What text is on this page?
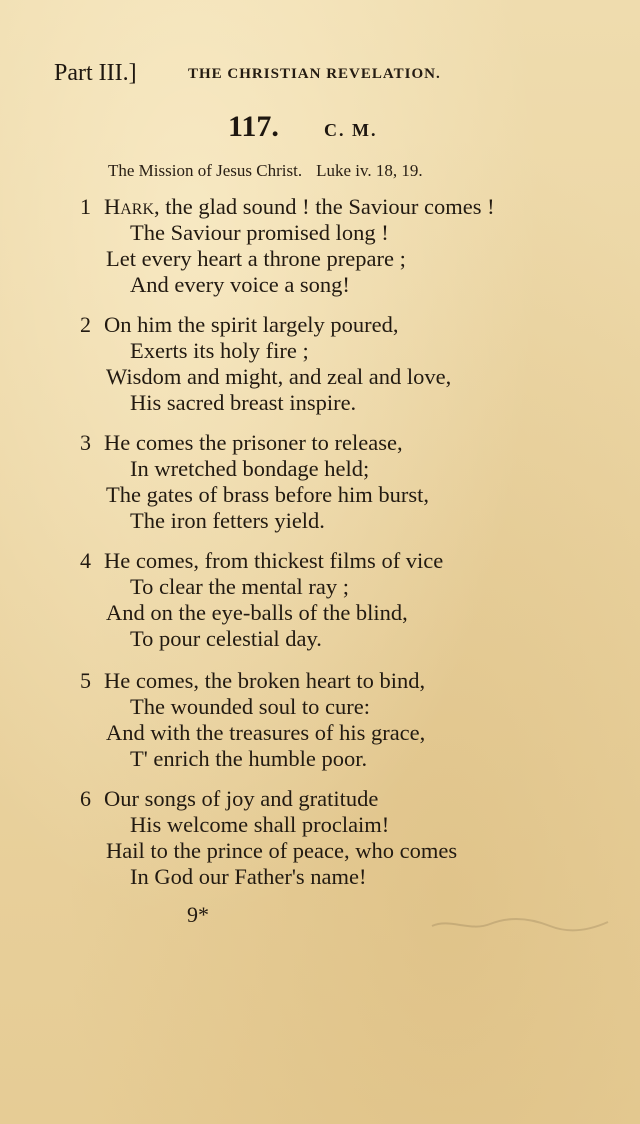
Part III.]	THE CHRISTIAN REVELATION.
117.	C. M.
The Mission of Jesus Christ. Luke iv. 18, 19.
1 Hark, the glad sound ! the Saviour comes !
The Saviour promised long !
Let every heart a throne prepare ;
And every voice a song!
2 On him the spirit largely poured,
Exerts its holy fire ;
Wisdom and might, and zeal and love,
His sacred breast inspire.
3 He comes the prisoner to release,
In wretched bondage held;
The gates of brass before him burst,
The iron fetters yield.
4 He comes, from thickest films of vice
To clear the mental ray ;
And on the eye-balls of the blind,
To pour celestial day.
5 He comes, the broken heart to bind,
The wounded soul to cure:
And with the treasures of his grace,
T' enrich the humble poor.
6 Our songs of joy and gratitude
His welcome shall proclaim!
Hail to the prince of peace, who comes
In God our Father's name!
9*
